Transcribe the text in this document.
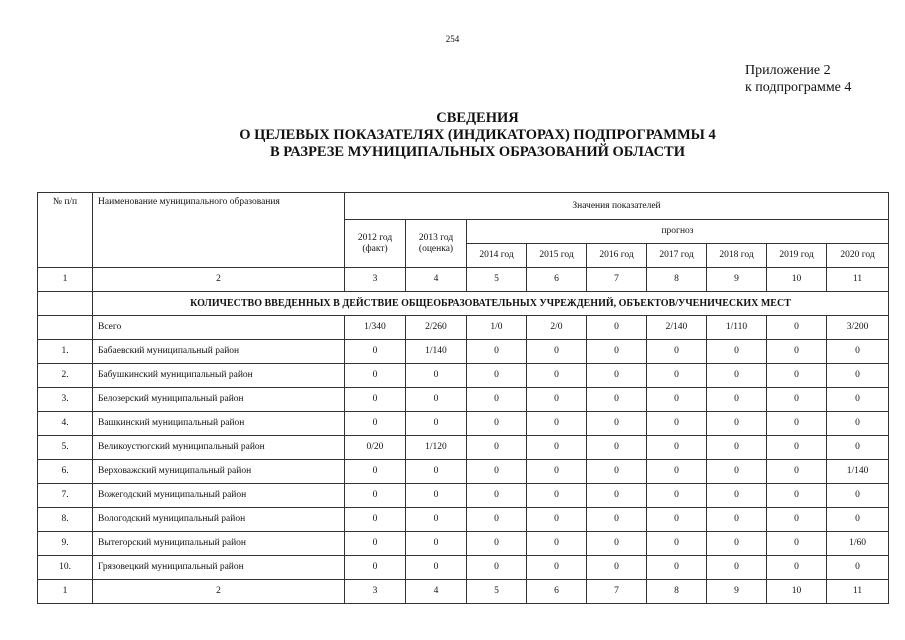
254
Приложение 2
к подпрограмме 4
СВЕДЕНИЯ
О ЦЕЛЕВЫХ ПОКАЗАТЕЛЯХ (ИНДИКАТОРАХ) ПОДПРОГРАММЫ 4
В РАЗРЕЗЕ МУНИЦИПАЛЬНЫХ ОБРАЗОВАНИЙ ОБЛАСТИ
№ п/п	Наименование муниципального образования	Значения показателей								
		2012 год (факт)	2013 год (оценка)	прогноз						
				2014 год	2015 год	2016 год	2017 год	2018 год	2019 год	2020 год
1	2	3	4	5	6	7	8	9	10	11
	КОЛИЧЕСТВО ВВЕДЕННЫХ В ДЕЙСТВИЕ ОБЩЕОБРАЗОВАТЕЛЬНЫХ УЧРЕЖДЕНИЙ, ОБЪЕКТОВ/УЧЕНИЧЕСКИХ МЕСТ									
	Всего	1/340	2/260	1/0	2/0	0	2/140	1/110	0	3/200
1.	Бабаевский муниципальный район	0	1/140	0	0	0	0	0	0	0
2.	Бабушкинский муниципальный район	0	0	0	0	0	0	0	0	0
3.	Белозерский муниципальный район	0	0	0	0	0	0	0	0	0
4.	Вашкинский муниципальный район	0	0	0	0	0	0	0	0	0
5.	Великоустюгский муниципальный район	0/20	1/120	0	0	0	0	0	0	0
6.	Верховажский муниципальный район	0	0	0	0	0	0	0	0	1/140
7.	Вожегодский муниципальный район	0	0	0	0	0	0	0	0	0
8.	Вологодский муниципальный район	0	0	0	0	0	0	0	0	0
9.	Вытегорский муниципальный район	0	0	0	0	0	0	0	0	1/60
10.	Грязовецкий муниципальный район	0	0	0	0	0	0	0	0	0
1	2	3	4	5	6	7	8	9	10	11
